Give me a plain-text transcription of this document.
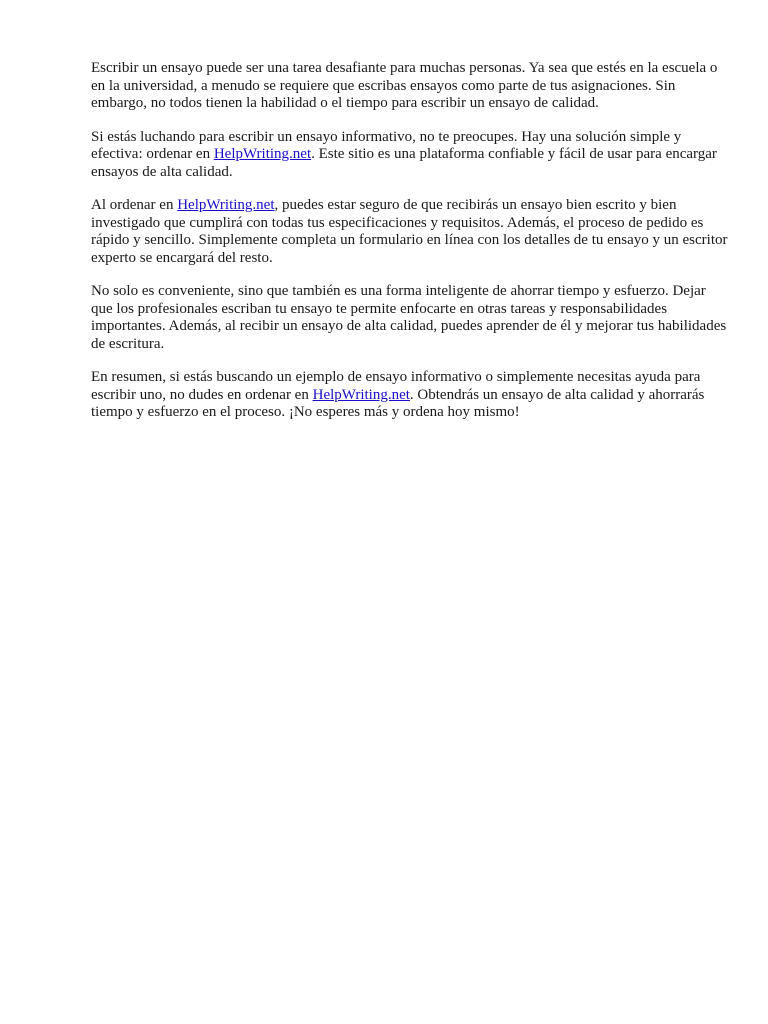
Escribir un ensayo puede ser una tarea desafiante para muchas personas. Ya sea que estés en la escuela o en la universidad, a menudo se requiere que escribas ensayos como parte de tus asignaciones. Sin embargo, no todos tienen la habilidad o el tiempo para escribir un ensayo de calidad.

Si estás luchando para escribir un ensayo informativo, no te preocupes. Hay una solución simple y efectiva: ordenar en HelpWriting.net. Este sitio es una plataforma confiable y fácil de usar para encargar ensayos de alta calidad.

Al ordenar en HelpWriting.net, puedes estar seguro de que recibirás un ensayo bien escrito y bien investigado que cumplirá con todas tus especificaciones y requisitos. Además, el proceso de pedido es rápido y sencillo. Simplemente completa un formulario en línea con los detalles de tu ensayo y un escritor experto se encargará del resto.

No solo es conveniente, sino que también es una forma inteligente de ahorrar tiempo y esfuerzo. Dejar que los profesionales escriban tu ensayo te permite enfocarte en otras tareas y responsabilidades importantes. Además, al recibir un ensayo de alta calidad, puedes aprender de él y mejorar tus habilidades de escritura.

En resumen, si estás buscando un ejemplo de ensayo informativo o simplemente necesitas ayuda para escribir uno, no dudes en ordenar en HelpWriting.net. Obtendrás un ensayo de alta calidad y ahorrarás tiempo y esfuerzo en el proceso. ¡No esperes más y ordena hoy mismo!
